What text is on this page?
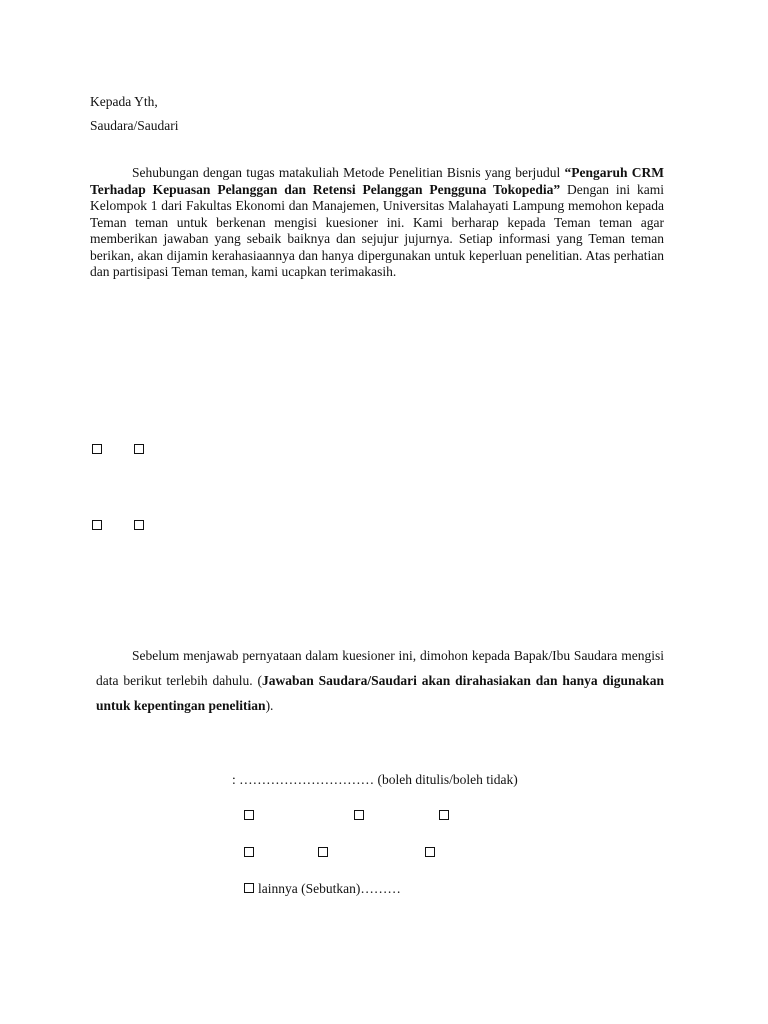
Kepada Yth,
Saudara/Saudari
Sehubungan dengan tugas matakuliah Metode Penelitian Bisnis yang berjudul “Pengaruh CRM Terhadap Kepuasan Pelanggan dan Retensi Pelanggan Pengguna Tokopedia” Dengan ini kami Kelompok 1 dari Fakultas Ekonomi dan Manajemen, Universitas Malahayati Lampung memohon kepada Teman teman untuk berkenan mengisi kuesioner ini. Kami berharap kepada Teman teman agar memberikan jawaban yang sebaik baiknya dan sejujur jujurnya. Setiap informasi yang Teman teman berikan, akan dijamin kerahasiaannya dan hanya dipergunakan untuk keperluan penelitian. Atas perhatian dan partisipasi Teman teman, kami ucapkan terimakasih.
Sebelum menjawab pernyataan dalam kuesioner ini, dimohon kepada Bapak/Ibu Saudara mengisi data berikut terlebih dahulu. (Jawaban Saudara/Saudari akan dirahasiakan dan hanya digunakan untuk kepentingan penelitian).
: ………………………… (boleh ditulis/boleh tidak)
lainnya (Sebutkan)………
